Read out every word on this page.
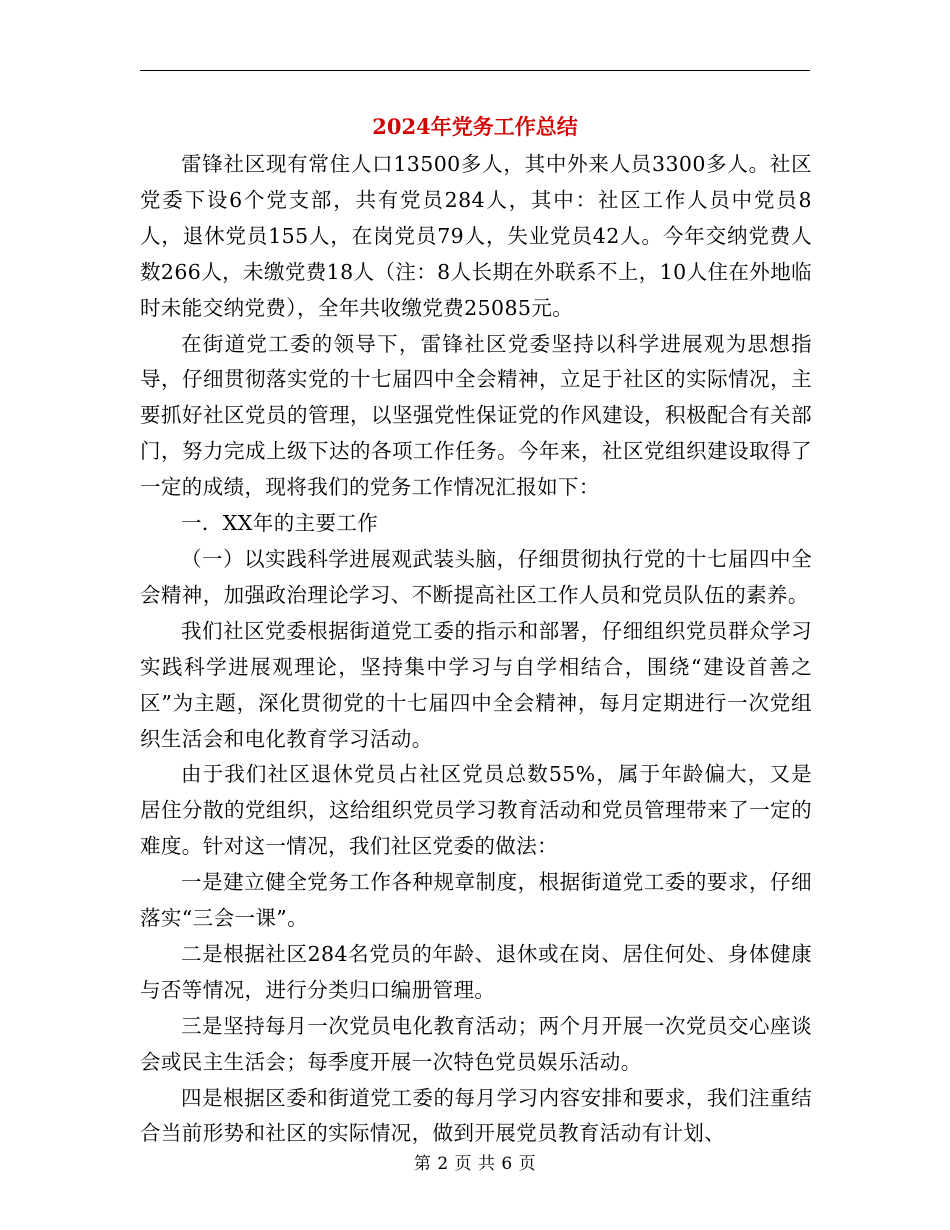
2024年党务工作总结

雷锋社区现有常住人口13500多人，其中外来人员3300多人。社区党委下设6个党支部，共有党员284人，其中：社区工作人员中党员8人，退休党员155人，在岗党员79人，失业党员42人。今年交纳党费人数266人，未缴党费18人（注：8人长期在外联系不上，10人住在外地临时未能交纳党费），全年共收缴党费25085元。

在街道党工委的领导下，雷锋社区党委坚持以科学进展观为思想指导，仔细贯彻落实党的十七届四中全会精神，立足于社区的实际情况，主要抓好社区党员的管理，以坚强党性保证党的作风建设，积极配合有关部门，努力完成上级下达的各项工作任务。今年来，社区党组织建设取得了一定的成绩，现将我们的党务工作情况汇报如下：

一．XX年的主要工作

（一）以实践科学进展观武装头脑，仔细贯彻执行党的十七届四中全会精神，加强政治理论学习、不断提高社区工作人员和党员队伍的素养。

我们社区党委根据街道党工委的指示和部署，仔细组织党员群众学习实践科学进展观理论，坚持集中学习与自学相结合，围绕“建设首善之区”为主题，深化贯彻党的十七届四中全会精神，每月定期进行一次党组织生活会和电化教育学习活动。

由于我们社区退休党员占社区党员总数55%，属于年龄偏大，又是居住分散的党组织，这给组织党员学习教育活动和党员管理带来了一定的难度。针对这一情况，我们社区党委的做法：

一是建立健全党务工作各种规章制度，根据街道党工委的要求，仔细落实“三会一课”。

二是根据社区284名党员的年龄、退休或在岗、居住何处、身体健康与否等情况，进行分类归口编册管理。

三是坚持每月一次党员电化教育活动；两个月开展一次党员交心座谈会或民主生活会；每季度开展一次特色党员娱乐活动。

四是根据区委和街道党工委的每月学习内容安排和要求，我们注重结合当前形势和社区的实际情况，做到开展党员教育活动有计划、

第 2 页 共 6 页
